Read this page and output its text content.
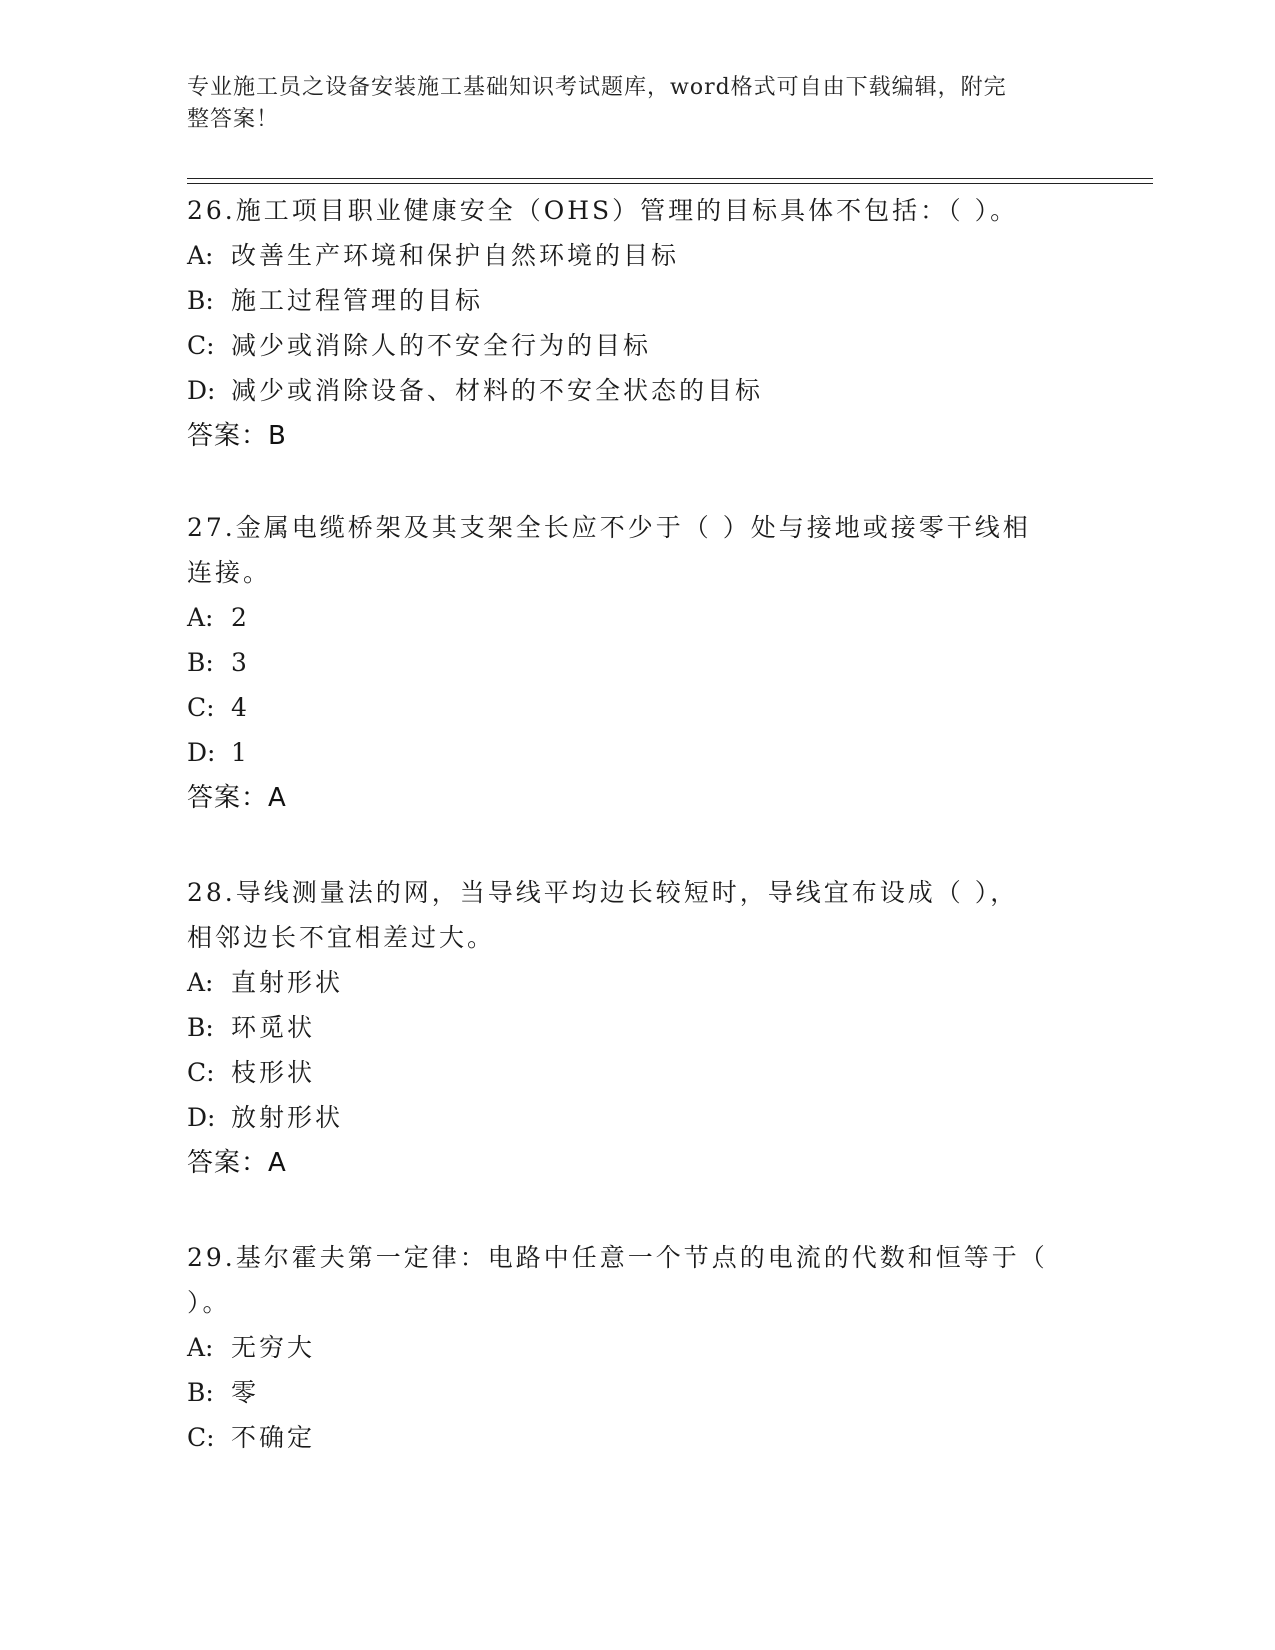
专业施工员之设备安装施工基础知识考试题库，word格式可自由下载编辑，附完
整答案！

26.施工项目职业健康安全（OHS）管理的目标具体不包括：（ ）。

A: 改善生产环境和保护自然环境的目标

B: 施工过程管理的目标

C: 减少或消除人的不安全行为的目标

D: 减少或消除设备、材料的不安全状态的目标

答案：B

27.金属电缆桥架及其支架全长应不少于（ ）处与接地或接零干线相

连接。

A: 2

B: 3

C: 4

D: 1

答案：A

28.导线测量法的网，当导线平均边长较短时，导线宜布设成（ ），

相邻边长不宜相差过大。

A: 直射形状

B: 环觅状

C: 枝形状

D: 放射形状

答案：A

29.基尔霍夫第一定律：电路中任意一个节点的电流的代数和恒等于（

）。

A: 无穷大

B: 零

C: 不确定
